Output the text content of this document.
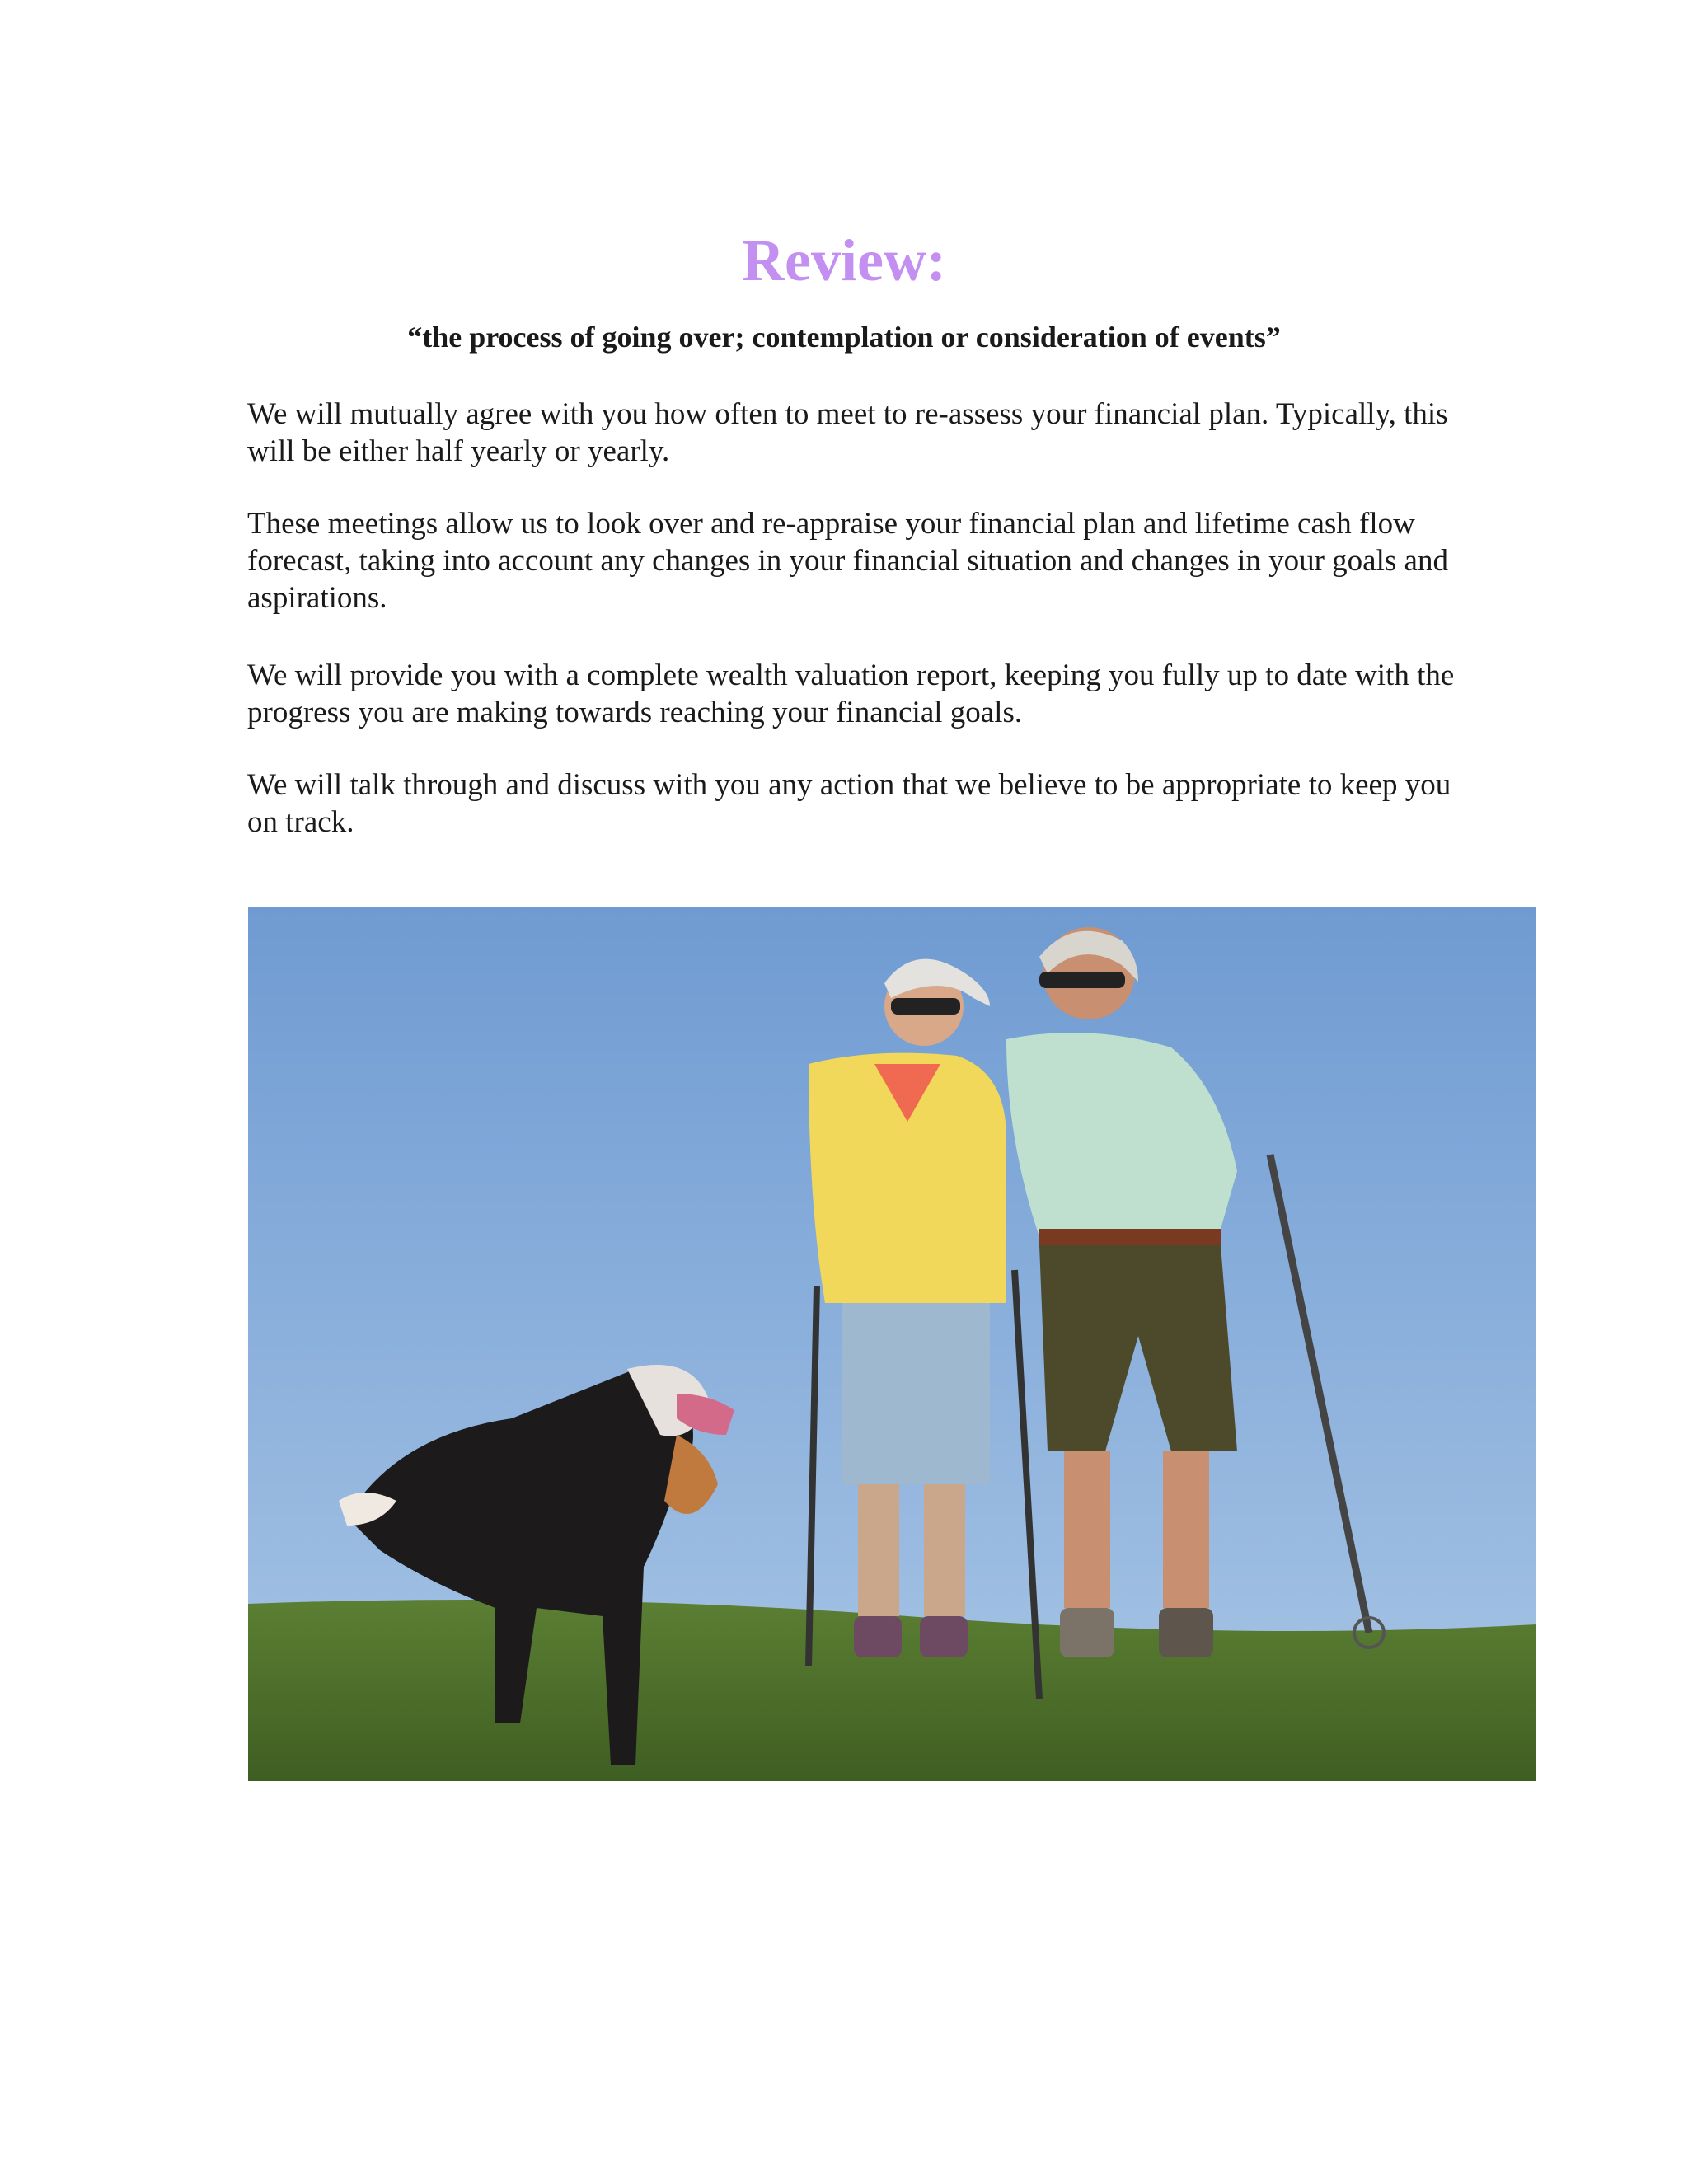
Review:
“the process of going over; contemplation or consideration of events”

We will mutually agree with you how often to meet to re-assess your financial plan. Typically, this will be either half yearly or yearly.

These meetings allow us to look over and re-appraise your financial plan and lifetime cash flow forecast, taking into account any changes in your financial situation and changes in your goals and aspirations.

We will provide you with a complete wealth valuation report, keeping you fully up to date with the progress you are making towards reaching your financial goals.

We will talk through and discuss with you any action that we believe to be appropriate to keep you on track.
